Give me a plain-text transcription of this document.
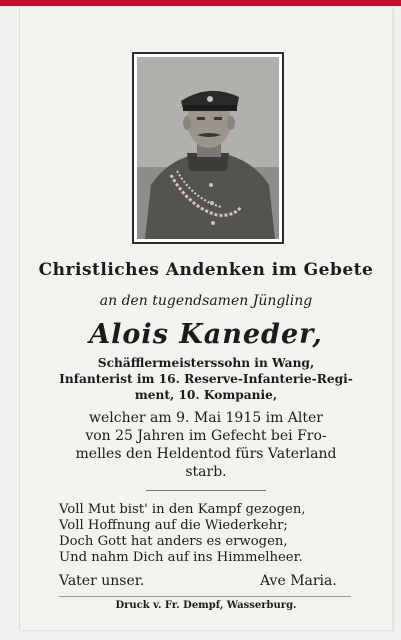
Christliches Andenken im Gebete
an den tugendsamen Jüngling
Alois Kaneder,
Schäfflermeisterssohn in Wang,
Infanterist im 16. Reserve-Infanterie-Regi-
ment, 10. Kompanie,
welcher am 9. Mai 1915 im Alter
von 25 Jahren im Gefecht bei Fro-
melles den Heldentod fürs Vaterland
starb.
Voll Mut bist' in den Kampf gezogen,
Voll Hoffnung auf die Wiederkehr;
Doch Gott hat anders es erwogen,
Und nahm Dich auf ins Himmelheer.
Vater unser.	Ave Maria.
Druck v. Fr. Dempf, Wasserburg.
